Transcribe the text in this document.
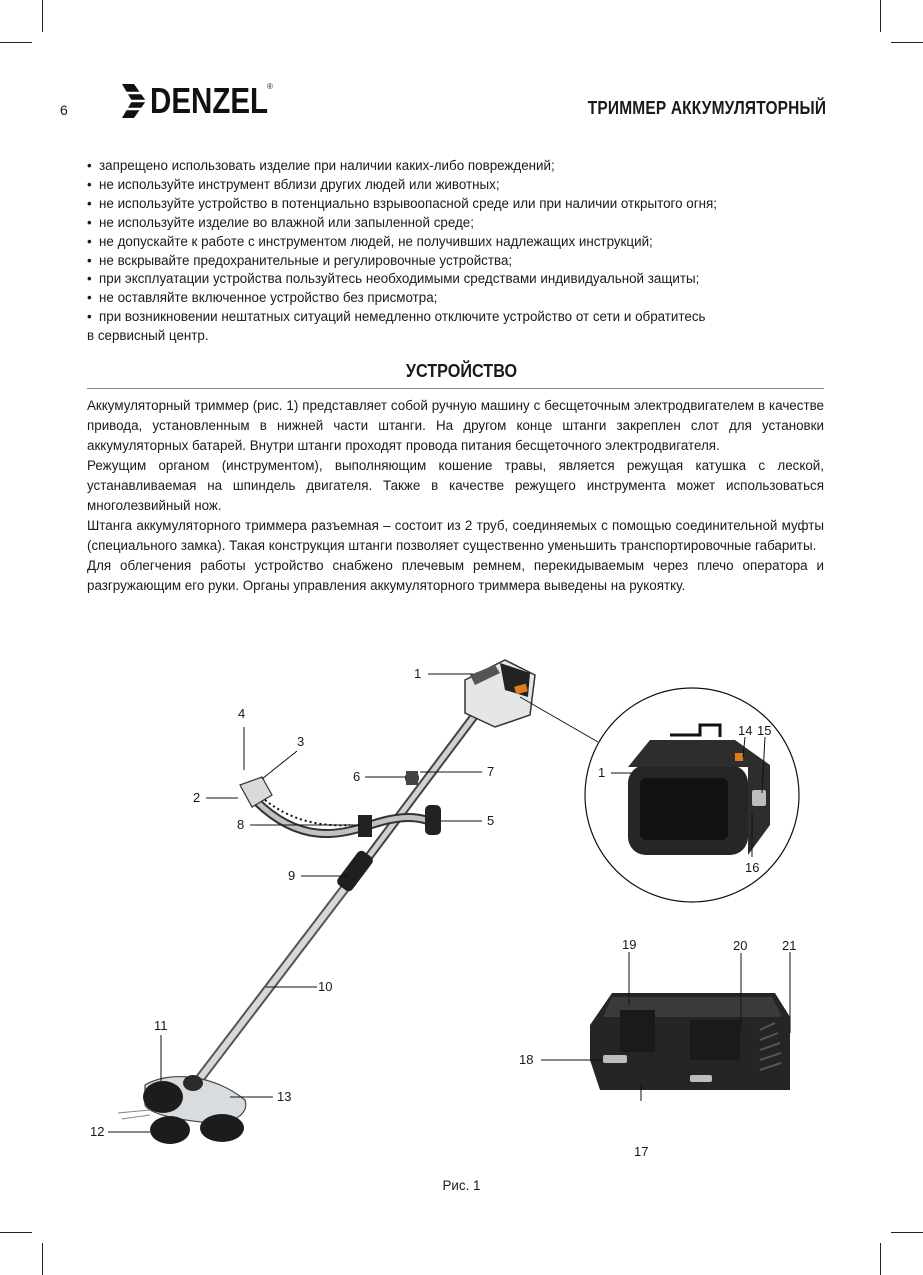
6 DENZEL
®
ТРИММЕР АККУМУЛЯТОРНЫЙ
• запрещено использовать изделие при наличии каких-либо повреждений;
• не используйте инструмент вблизи других людей или животных;
• не используйте устройство в потенциально взрывоопасной среде или при наличии открытого огня;
• не используйте изделие во влажной или запыленной среде;
• не допускайте к работе с инструментом людей, не получивших надлежащих инструкций;
• не вскрывайте предохранительные и регулировочные устройства;
• при эксплуатации устройства пользуйтесь необходимыми средствами индивидуальной защиты;
• не оставляйте включенное устройство без присмотра;
• при возникновении нештатных ситуаций немедленно отключите устройство от сети и обратитесь
в сервисный центр.
УСТРОЙСТВО

Аккумуляторный триммер (рис. 1) представляет собой ручную машину с бесщеточным электродвигателем в качестве привода, установленным в нижней части штанги. На другом конце штанги закреплен слот для установки аккумуляторных батарей. Внутри штанги проходят провода питания бесщеточного электродвигателя.

Режущим органом (инструментом), выполняющим кошение травы, является режущая катушка с леской, устанавливаемая на шпиндель двигателя. Также в качестве режущего инструмента может использоваться многолезвийный нож.

Штанга аккумуляторного триммера разъемная – состоит из 2 труб, соединяемых с помощью соединительной муфты (специального замка). Такая конструкция штанги позволяет существенно уменьшить транспортировочные габариты.

Для облегчения работы устройство снабжено плечевым ремнем, перекидываемым через плечо оператора и разгружающим его руки. Органы управления аккумуляторного триммера выведены на рукоятку.

1
2
3
4
5
6	7
8
9
10
11
12
13
1
14 15
16
17
18
19	20	21
Рис. 1
